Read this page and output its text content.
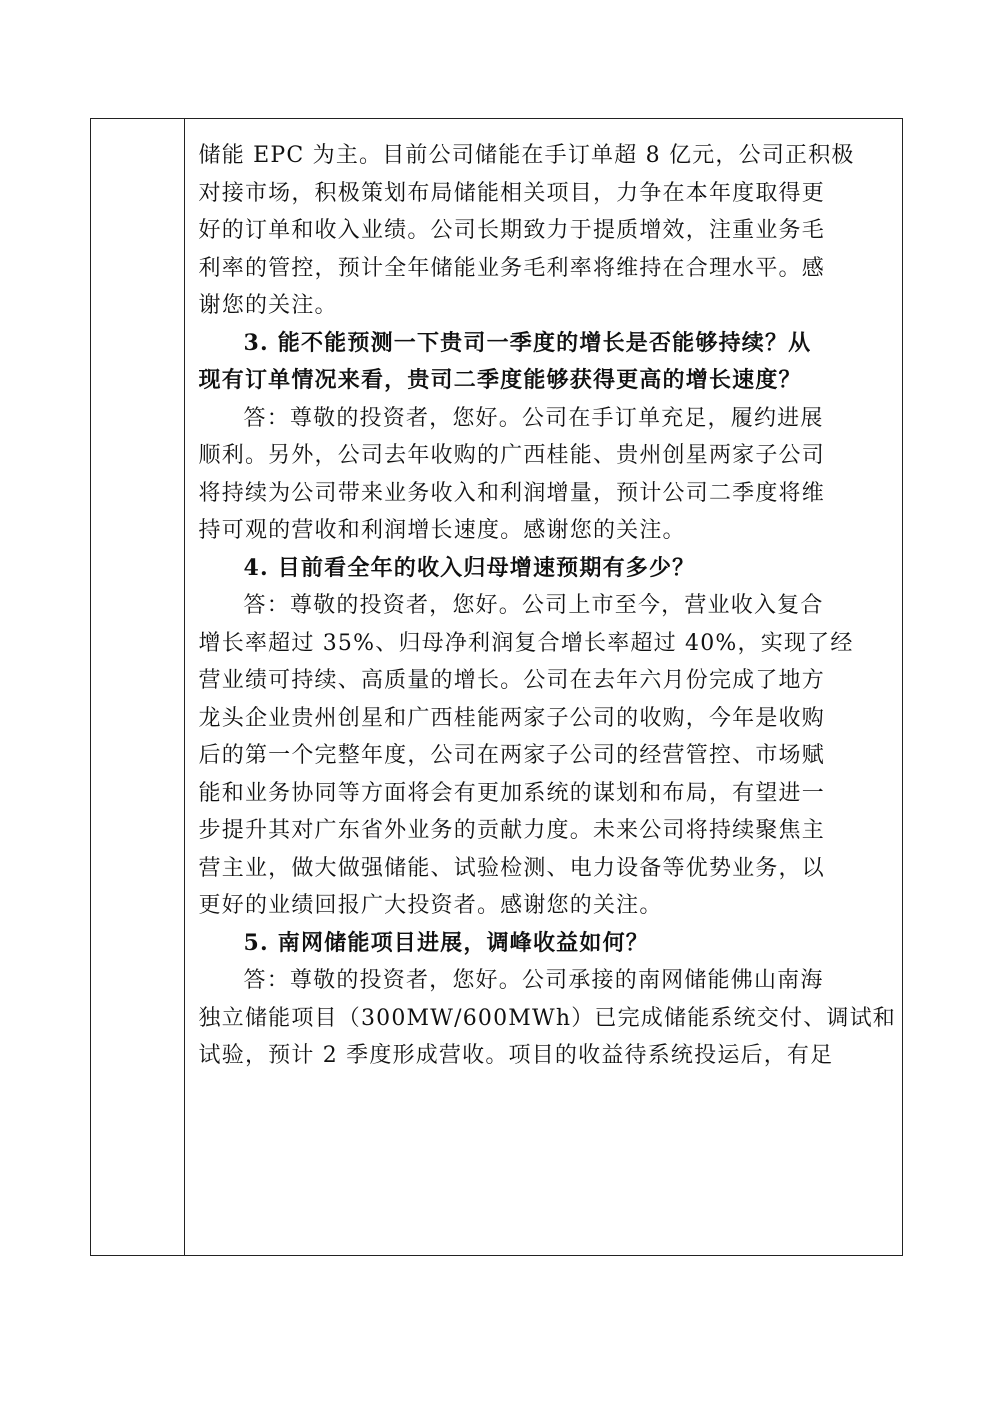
储能 EPC 为主。目前公司储能在手订单超 8 亿元，公司正积极
对接市场，积极策划布局储能相关项目，力争在本年度取得更
好的订单和收入业绩。公司长期致力于提质增效，注重业务毛
利率的管控，预计全年储能业务毛利率将维持在合理水平。感
谢您的关注。
3. 能不能预测一下贵司一季度的增长是否能够持续？从
现有订单情况来看，贵司二季度能够获得更高的增长速度？
答：尊敬的投资者，您好。公司在手订单充足，履约进展
顺利。另外，公司去年收购的广西桂能、贵州创星两家子公司
将持续为公司带来业务收入和利润增量，预计公司二季度将维
持可观的营收和利润增长速度。感谢您的关注。
4. 目前看全年的收入归母增速预期有多少？
答：尊敬的投资者，您好。公司上市至今，营业收入复合
增长率超过 35%、归母净利润复合增长率超过 40%，实现了经
营业绩可持续、高质量的增长。公司在去年六月份完成了地方
龙头企业贵州创星和广西桂能两家子公司的收购，今年是收购
后的第一个完整年度，公司在两家子公司的经营管控、市场赋
能和业务协同等方面将会有更加系统的谋划和布局，有望进一
步提升其对广东省外业务的贡献力度。未来公司将持续聚焦主
营主业，做大做强储能、试验检测、电力设备等优势业务，以
更好的业绩回报广大投资者。感谢您的关注。
5. 南网储能项目进展，调峰收益如何？
答：尊敬的投资者，您好。公司承接的南网储能佛山南海
独立储能项目（300MW/600MWh）已完成储能系统交付、调试和
试验，预计 2 季度形成营收。项目的收益待系统投运后，有足
